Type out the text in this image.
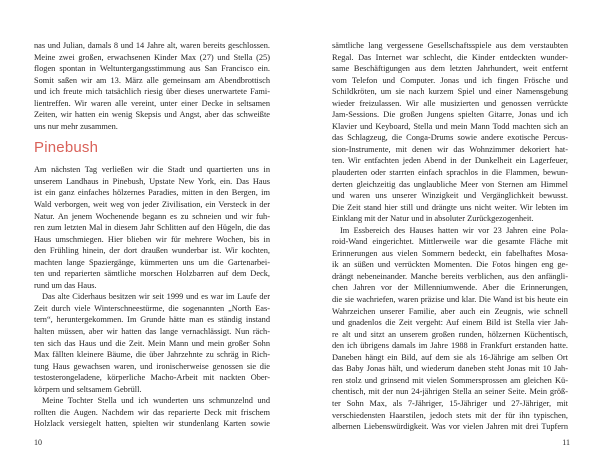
nas und Julian, damals 8 und 14 Jahre alt, waren bereits geschlossen.
Meine zwei großen, erwachsenen Kinder Max (27) und Stella (25)
flogen spontan in Weltuntergangsstimmung aus San Francisco ein.
Somit saßen wir am 13. März alle gemeinsam am Abendbrottisch
und ich freute mich tatsächlich riesig über dieses unerwartete Fami-
lientreffen. Wir waren alle vereint, unter einer Decke in seltsamen
Zeiten, wir hatten ein wenig Skepsis und Angst, aber das schweißte
uns nur mehr zusammen.
Pinebush
Am nächsten Tag verließen wir die Stadt und quartierten uns in
unserem Landhaus in Pinebush, Upstate New York, ein. Das Haus
ist ein ganz einfaches hölzernes Paradies, mitten in den Bergen, im
Wald verborgen, weit weg von jeder Zivilisation, ein Versteck in der
Natur. An jenem Wochenende begann es zu schneien und wir fuh-
ren zum letzten Mal in diesem Jahr Schlitten auf den Hügeln, die das
Haus umschmiegen. Hier blieben wir für mehrere Wochen, bis in
den Frühling hinein, der dort draußen wunderbar ist. Wir kochten,
machten lange Spaziergänge, kümmerten uns um die Gartenarbei-
ten und reparierten sämtliche morschen Holzbarren auf dem Deck,
rund um das Haus.
Das alte Ciderhaus besitzen wir seit 1999 und es war im Laufe der
Zeit durch viele Winterschneestürme, die sogenannten „North Eas-
tern“, heruntergekommen. Im Grunde hätte man es ständig instand
halten müssen, aber wir hatten das lange vernachlässigt. Nun räch-
ten sich das Haus und die Zeit. Mein Mann und mein großer Sohn
Max fällten kleinere Bäume, die über Jahrzehnte zu schräg in Rich-
tung Haus gewachsen waren, und ironischerweise genossen sie die
testosterongeladene, körperliche Macho-Arbeit mit nackten Ober-
körpern und seltsamem Gebrüll.
Meine Tochter Stella und ich wunderten uns schmunzelnd und
rollten die Augen. Nachdem wir das reparierte Deck mit frischem
Holzlack versiegelt hatten, spielten wir stundenlang Karten sowie
10
sämtliche lang vergessene Gesellschaftsspiele aus dem verstaubten
Regal. Das Internet war schlecht, die Kinder entdeckten wunder-
same Beschäftigungen aus dem letzten Jahrhundert, weit entfernt
vom Telefon und Computer. Jonas und ich fingen Frösche und
Schildkröten, um sie nach kurzem Spiel und einer Namensgebung
wieder freizulassen. Wir alle musizierten und genossen verrückte
Jam-Sessions. Die großen Jungens spielten Gitarre, Jonas und ich
Klavier und Keyboard, Stella und mein Mann Todd machten sich an
das Schlagzeug, die Conga-Drums sowie andere exotische Percus-
sion-Instrumente, mit denen wir das Wohnzimmer dekoriert hat-
ten. Wir entfachten jeden Abend in der Dunkelheit ein Lagerfeuer,
plauderten oder starrten einfach sprachlos in die Flammen, bewun-
derten gleichzeitig das unglaubliche Meer von Sternen am Himmel
und waren uns unserer Winzigkeit und Vergänglichkeit bewusst.
Die Zeit stand hier still und drängte uns nicht weiter. Wir lebten im
Einklang mit der Natur und in absoluter Zurückgezogenheit.
Im Essbereich des Hauses hatten wir vor 23 Jahren eine Pola-
roid-Wand eingerichtet. Mittlerweile war die gesamte Fläche mit
Erinnerungen aus vielen Sommern bedeckt, ein fabelhaftes Mosa-
ik an süßen und verrückten Momenten. Die Fotos hingen eng ge-
drängt nebeneinander. Manche bereits verblichen, aus den anfängli-
chen Jahren vor der Millenniumwende. Aber die Erinnerungen,
die sie wachriefen, waren präzise und klar. Die Wand ist bis heute ein
Wahrzeichen unserer Familie, aber auch ein Zeugnis, wie schnell
und gnadenlos die Zeit vergeht: Auf einem Bild ist Stella vier Jah-
re alt und sitzt an unserem großen runden, hölzernen Küchentisch,
den ich übrigens damals im Jahre 1988 in Frankfurt erstanden hatte.
Daneben hängt ein Bild, auf dem sie als 16-Jährige am selben Ort
das Baby Jonas hält, und wiederum daneben steht Jonas mit 10 Jah-
ren stolz und grinsend mit vielen Sommersprossen am gleichen Kü-
chentisch, mit der nun 24-jährigen Stella an seiner Seite. Mein größ-
ter Sohn Max, als 7-Jähriger, 15-Jähriger und 27-Jähriger, mit
verschiedensten Haarstilen, jedoch stets mit der für ihn typischen,
albernen Liebenswürdigkeit. Was vor vielen Jahren mit drei Tupfern
11
